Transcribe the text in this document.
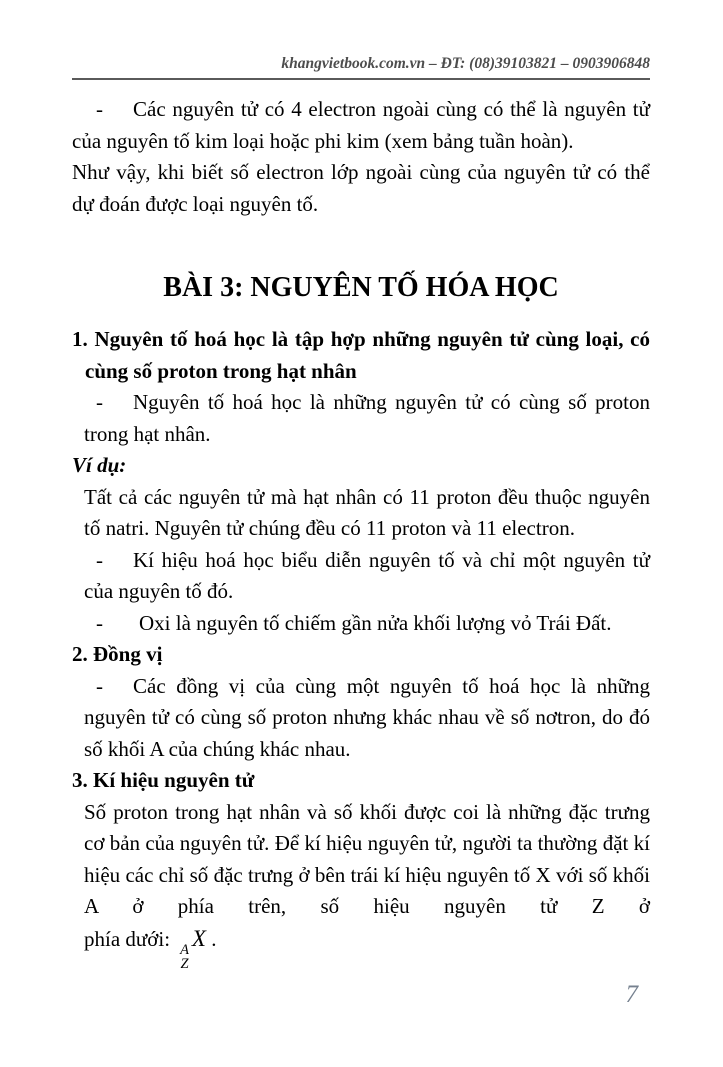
khangvietbook.com.vn – ĐT: (08)39103821 – 0903906848

- Các nguyên tử có 4 electron ngoài cùng có thể là nguyên tử của nguyên tố kim loại hoặc phi kim (xem bảng tuần hoàn).

Như vậy, khi biết số electron lớp ngoài cùng của nguyên tử có thể dự đoán được loại nguyên tố.

BÀI 3: NGUYÊN TỐ HÓA HỌC

1. Nguyên tố hoá học là tập hợp những nguyên tử cùng loại, có cùng số proton trong hạt nhân

- Nguyên tố hoá học là những nguyên tử có cùng số proton trong hạt nhân.

Ví dụ:

Tất cả các nguyên tử mà hạt nhân có 11 proton đều thuộc nguyên tố natri. Nguyên tử chúng đều có 11 proton và 11 electron.

- Kí hiệu hoá học biểu diễn nguyên tố và chỉ một nguyên tử của nguyên tố đó.

- Oxi là nguyên tố chiếm gần nửa khối lượng vỏ Trái Đất.

2. Đồng vị

- Các đồng vị của cùng một nguyên tố hoá học là những nguyên tử có cùng số proton nhưng khác nhau về số nơtron, do đó số khối A của chúng khác nhau.

3. Kí hiệu nguyên tử

Số proton trong hạt nhân và số khối được coi là những đặc trưng cơ bản của nguyên tử. Để kí hiệu nguyên tử, người ta thường đặt kí hiệu các chỉ số đặc trưng ở bên trái kí hiệu nguyên tố X với số khối A ở phía trên, số hiệu nguyên tử Z ở

phía dưới: A
Z
X .

7
